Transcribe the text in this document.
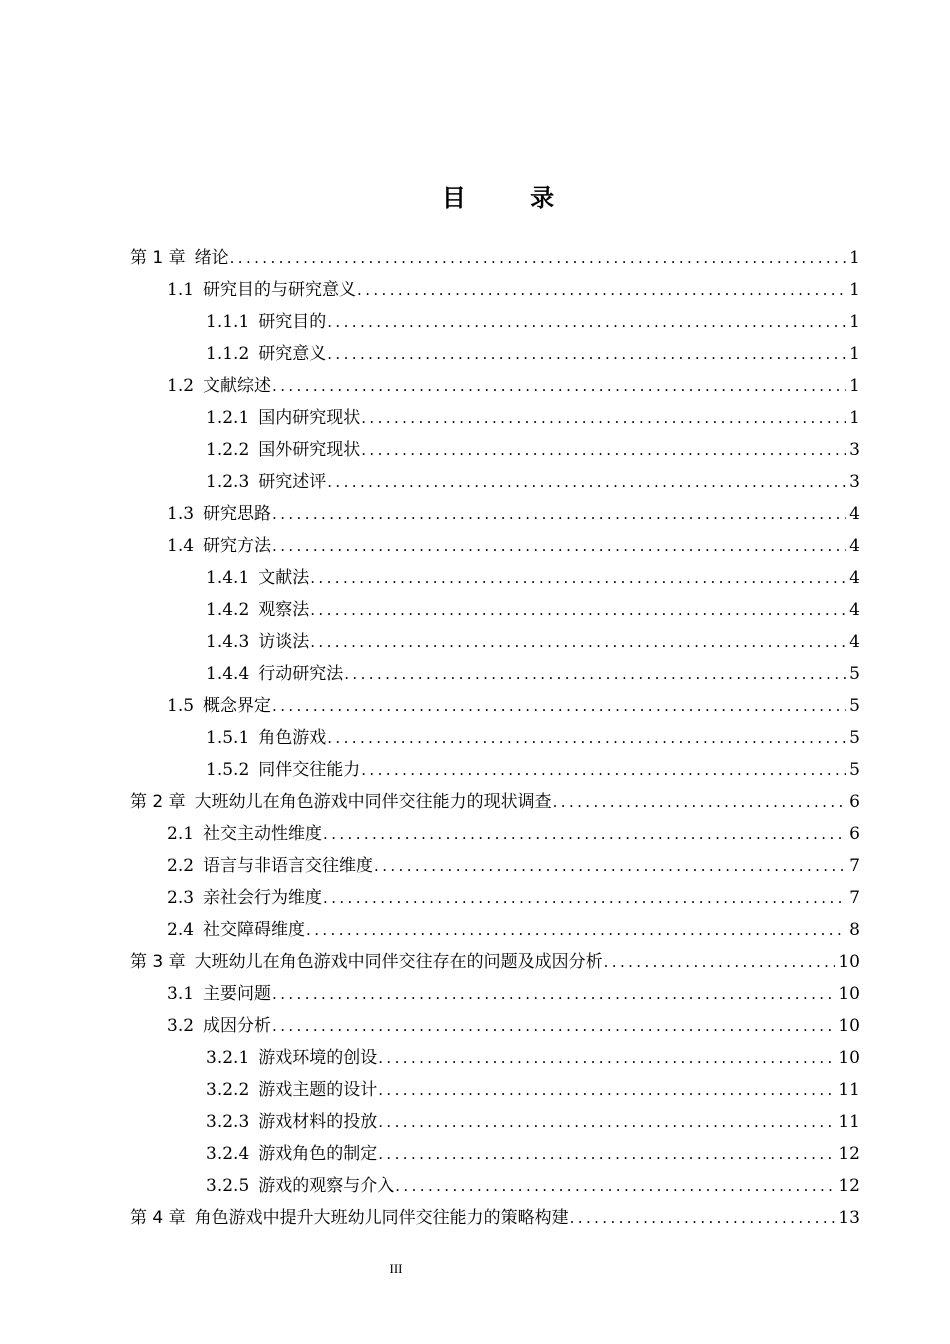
目 录
第 1 章 绪论 .....	1
1.1 研究目的与研究意义 .....	1
1.1.1 研究目的 .....	1
1.1.2 研究意义 .....	1
1.2 文献综述 .....	1
1.2.1 国内研究现状 .....	1
1.2.2 国外研究现状 .....	3
1.2.3 研究述评 .....	3
1.3 研究思路 .....	4
1.4 研究方法 .....	4
1.4.1 文献法 .....	4
1.4.2 观察法 .....	4
1.4.3 访谈法 .....	4
1.4.4 行动研究法 .....	5
1.5 概念界定 .....	5
1.5.1 角色游戏 .....	5
1.5.2 同伴交往能力 .....	5
第 2 章 大班幼儿在角色游戏中同伴交往能力的现状调查 .....	6
2.1 社交主动性维度 .....	6
2.2 语言与非语言交往维度 .....	7
2.3 亲社会行为维度 .....	7
2.4 社交障碍维度 .....	8
第 3 章 大班幼儿在角色游戏中同伴交往存在的问题及成因分析 .....	10
3.1 主要问题 .....	10
3.2 成因分析 .....	10
3.2.1 游戏环境的创设 .....	10
3.2.2 游戏主题的设计 .....	11
3.2.3 游戏材料的投放 .....	11
3.2.4 游戏角色的制定 .....	12
3.2.5 游戏的观察与介入 .....	12
第 4 章 角色游戏中提升大班幼儿同伴交往能力的策略构建 .....	13
III
